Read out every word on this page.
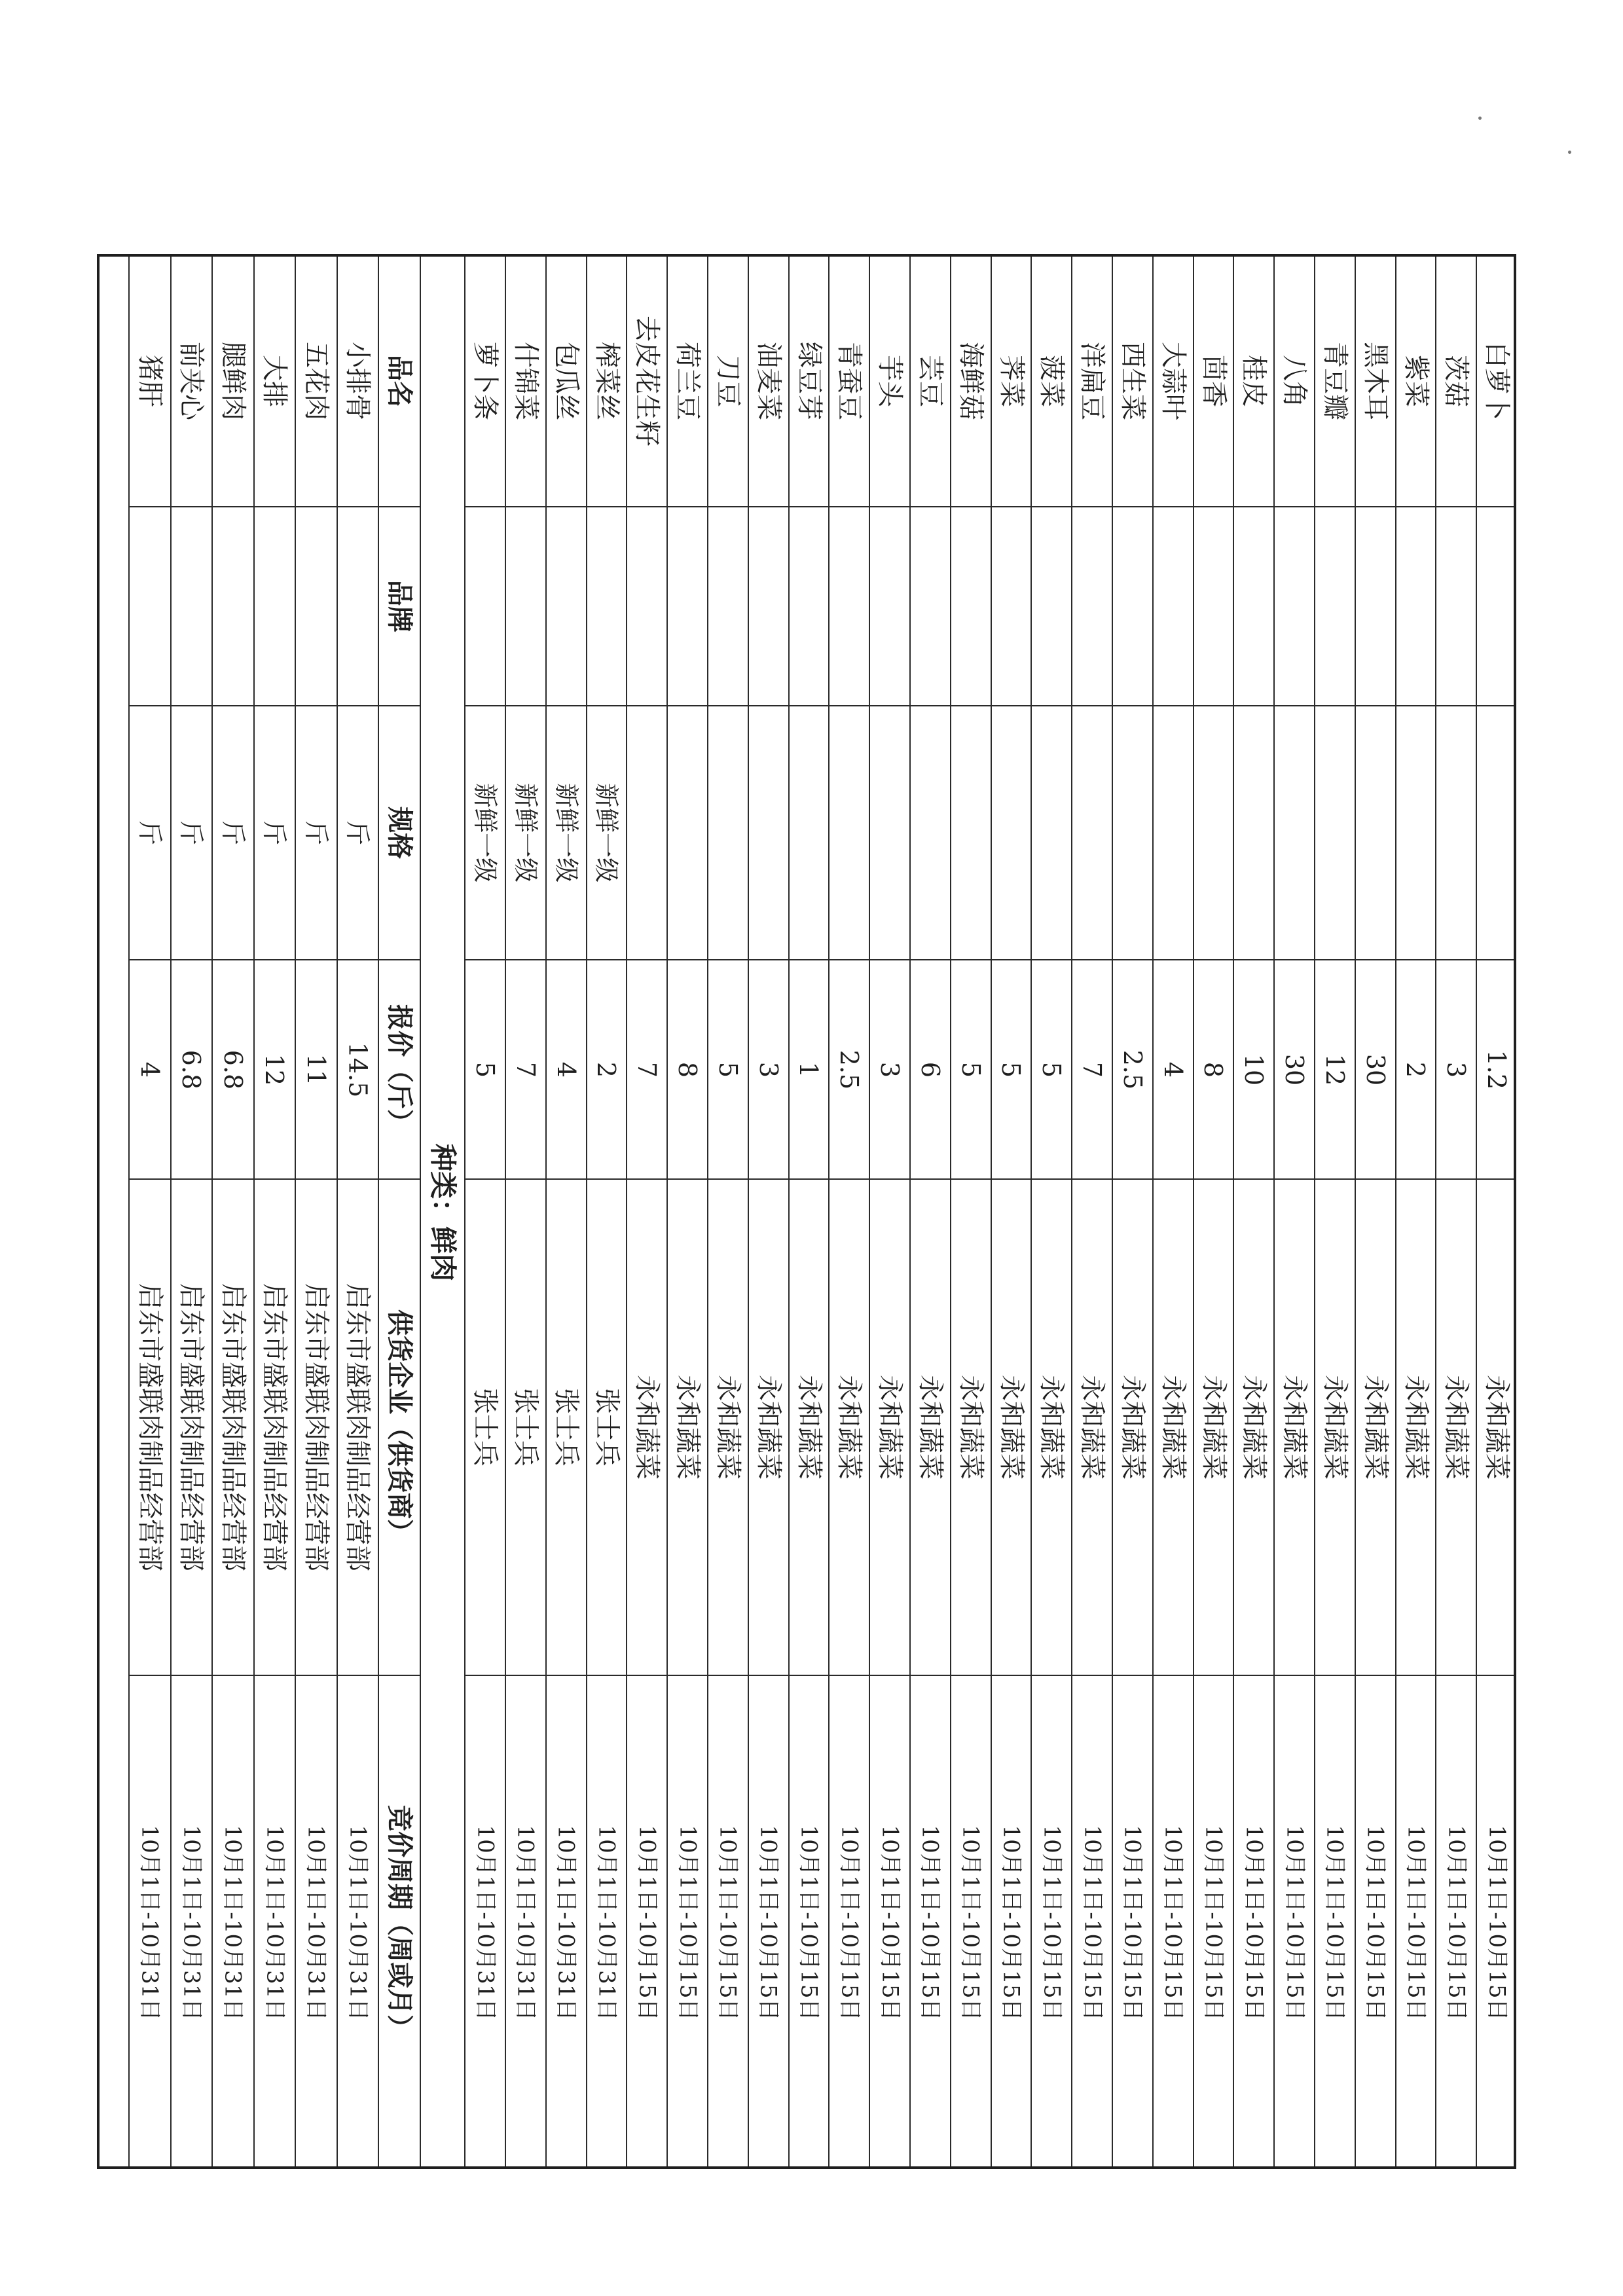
白萝卜
1.2
永和蔬菜
10月1日-10月15日
茨菇
3
永和蔬菜
10月1日-10月15日
紫菜
2
永和蔬菜
10月1日-10月15日
黑木耳
30
永和蔬菜
10月1日-10月15日
青豆瓣
12
永和蔬菜
10月1日-10月15日
八角
30
永和蔬菜
10月1日-10月15日
桂皮
10
永和蔬菜
10月1日-10月15日
茴香
8
永和蔬菜
10月1日-10月15日
大蒜叶
4
永和蔬菜
10月1日-10月15日
西生菜
2.5
永和蔬菜
10月1日-10月15日
洋扁豆
7
永和蔬菜
10月1日-10月15日
菠菜
5
永和蔬菜
10月1日-10月15日
荠菜
5
永和蔬菜
10月1日-10月15日
海鲜菇
5
永和蔬菜
10月1日-10月15日
芸豆
6
永和蔬菜
10月1日-10月15日
芋头
3
永和蔬菜
10月1日-10月15日
青蚕豆
2.5
永和蔬菜
10月1日-10月15日
绿豆芽
1
永和蔬菜
10月1日-10月15日
油麦菜
3
永和蔬菜
10月1日-10月15日
刀豆
5
永和蔬菜
10月1日-10月15日
荷兰豆
8
永和蔬菜
10月1日-10月15日
去皮花生籽
7
永和蔬菜
10月1日-10月15日
榨菜丝
新鲜一级
2
张士兵
10月1日-10月31日
包瓜丝
新鲜一级
4
张士兵
10月1日-10月31日
什锦菜
新鲜一级
7
张士兵
10月1日-10月31日
萝卜条
新鲜一级
5
张士兵
10月1日-10月31日
种类：鲜肉
品名
品牌
规格
报价（斤）
供货企业（供货商）
竞价周期（周或月）
小排骨
斤
14.5
启东市盛联肉制品经营部
10月1日-10月31日
五花肉
斤
11
启东市盛联肉制品经营部
10月1日-10月31日
大排
斤
12
启东市盛联肉制品经营部
10月1日-10月31日
腿鲜肉
斤
6.8
启东市盛联肉制品经营部
10月1日-10月31日
前夹心
斤
6.8
启东市盛联肉制品经营部
10月1日-10月31日
猪肝
斤
4
启东市盛联肉制品经营部
10月1日-10月31日
